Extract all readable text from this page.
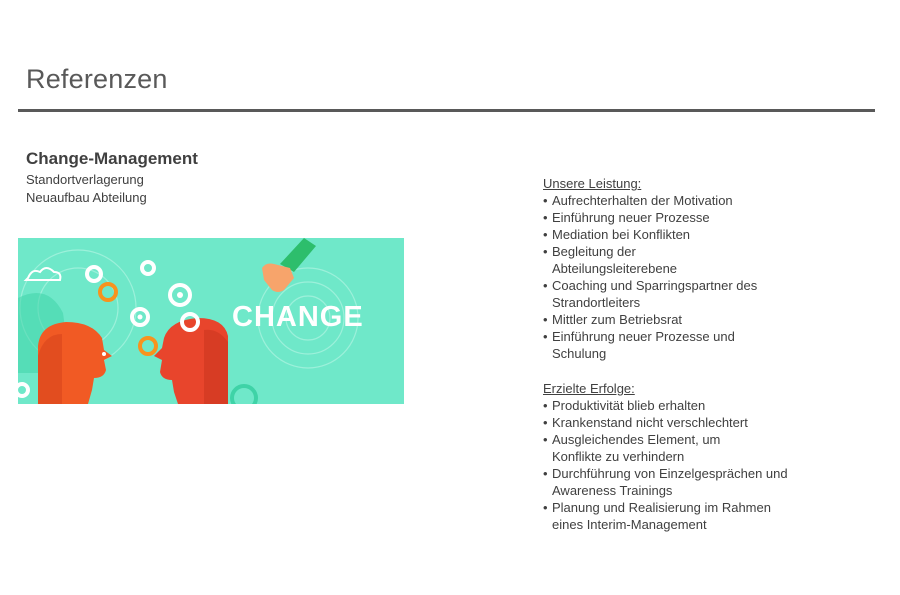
Referenzen
Change-Management
Standortverlagerung
Neuaufbau Abteilung
CHANGE
Unsere Leistung:
• Aufrechterhalten der Motivation
• Einführung neuer Prozesse
• Mediation bei Konflikten
• Begleitung der Abteilungsleiterebene
• Coaching und Sparringspartner des Strandortleiters
• Mittler zum Betriebsrat
• Einführung neuer Prozesse und Schulung
Erzielte Erfolge:
• Produktivität blieb erhalten
• Krankenstand nicht verschlechtert
• Ausgleichendes Element, um Konflikte zu verhindern
• Durchführung von Einzelgesprächen und Awareness Trainings
• Planung und Realisierung im Rahmen eines Interim-Management
